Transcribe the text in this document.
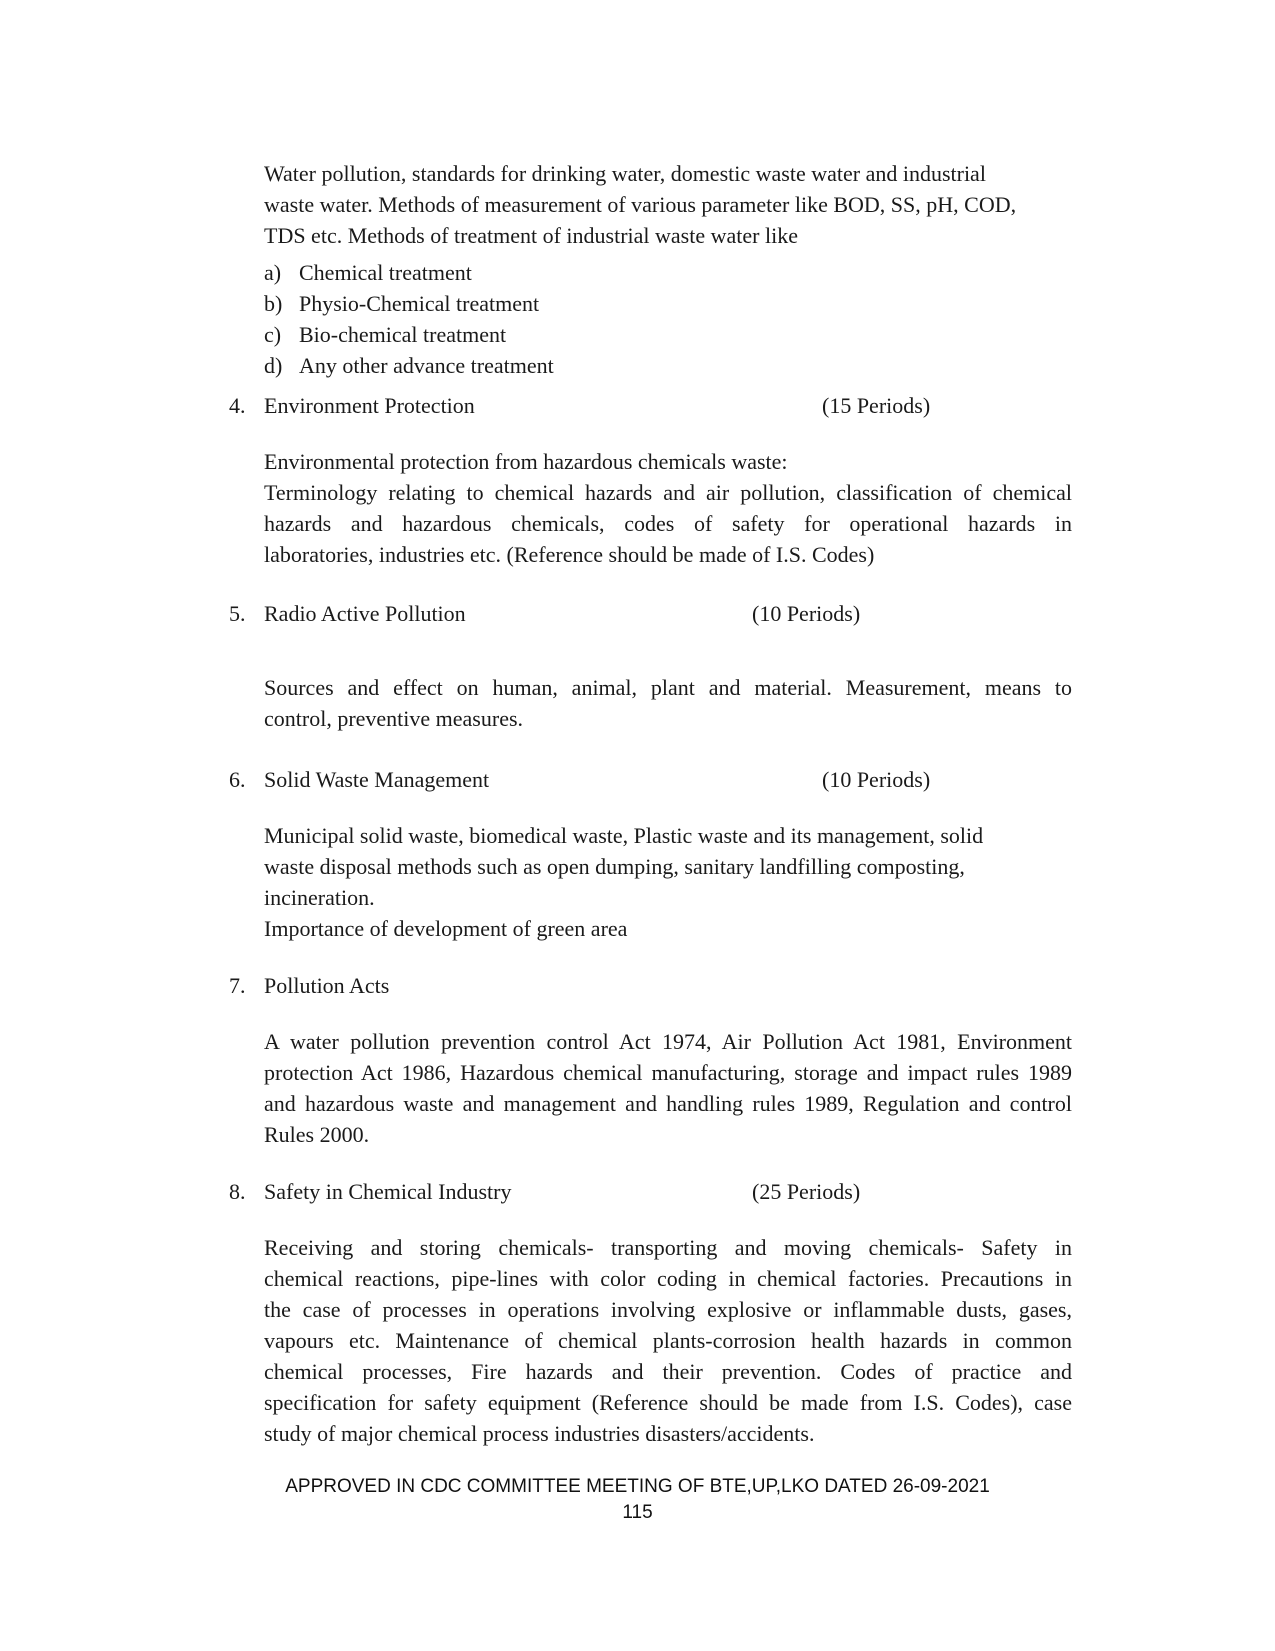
Water pollution, standards for drinking water, domestic waste water and industrial
waste water. Methods of measurement of various parameter like BOD, SS, pH, COD,
TDS etc. Methods of treatment of industrial waste water like

a) Chemical treatment
b) Physio-Chemical treatment
c) Bio-chemical treatment
d) Any other advance treatment
4. Environment Protection	(15 Periods)

Environmental protection from hazardous chemicals waste:
Terminology relating to chemical hazards and air pollution, classification of chemical
hazards and hazardous chemicals, codes of safety for operational hazards in
laboratories, industries etc. (Reference should be made of I.S. Codes)

5. Radio Active Pollution	(10 Periods)

Sources and effect on human, animal, plant and material. Measurement, means to
control, preventive measures.

6. Solid Waste Management	(10 Periods)

Municipal solid waste, biomedical waste, Plastic waste and its management, solid
waste disposal methods such as open dumping, sanitary landfilling composting,
incineration.
Importance of development of green area

7. Pollution Acts

A water pollution prevention control Act 1974, Air Pollution Act 1981, Environment
protection Act 1986, Hazardous chemical manufacturing, storage and impact rules 1989
and hazardous waste and management and handling rules 1989, Regulation and control
Rules 2000.

8. Safety in Chemical Industry	(25 Periods)

Receiving and storing chemicals- transporting and moving chemicals- Safety in
chemical reactions, pipe-lines with color coding in chemical factories. Precautions in
the case of processes in operations involving explosive or inflammable dusts, gases,
vapours etc. Maintenance of chemical plants-corrosion health hazards in common
chemical processes, Fire hazards and their prevention. Codes of practice and
specification for safety equipment (Reference should be made from I.S. Codes), case
study of major chemical process industries disasters/accidents.

APPROVED IN CDC COMMITTEE MEETING OF BTE,UP,LKO DATED 26-09-2021
115
